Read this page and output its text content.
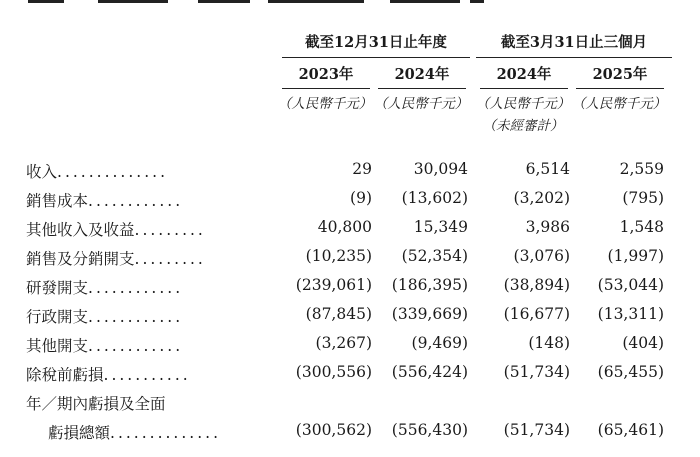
截至12月31日止年度	截至3月31日止三個月
2023年	2024年	2024年	2025年
（人民幣千元） （人民幣千元） （人民幣千元） （人民幣千元）
（未經審計）
收入..............	29	30,094	6,514	2,559
銷售成本............	(9) (13,602)	(3,202)	(795)
其他收入及收益.........	40,800	15,349	3,986	1,548
銷售及分銷開支.........	(10,235) (52,354)	(3,076) (1,997)
研發開支............	(239,061) (186,395) (38,894) (53,044)
行政開支............	(87,845) (339,669) (16,677) (13,311)
其他開支............	(3,267)	(9,469)	(148)	(404)
除稅前虧損...........	(300,556) (556,424) (51,734) (65,455)
年／期內虧損及全面
虧損總額..............	(300,562) (556,430) (51,734) (65,461)
